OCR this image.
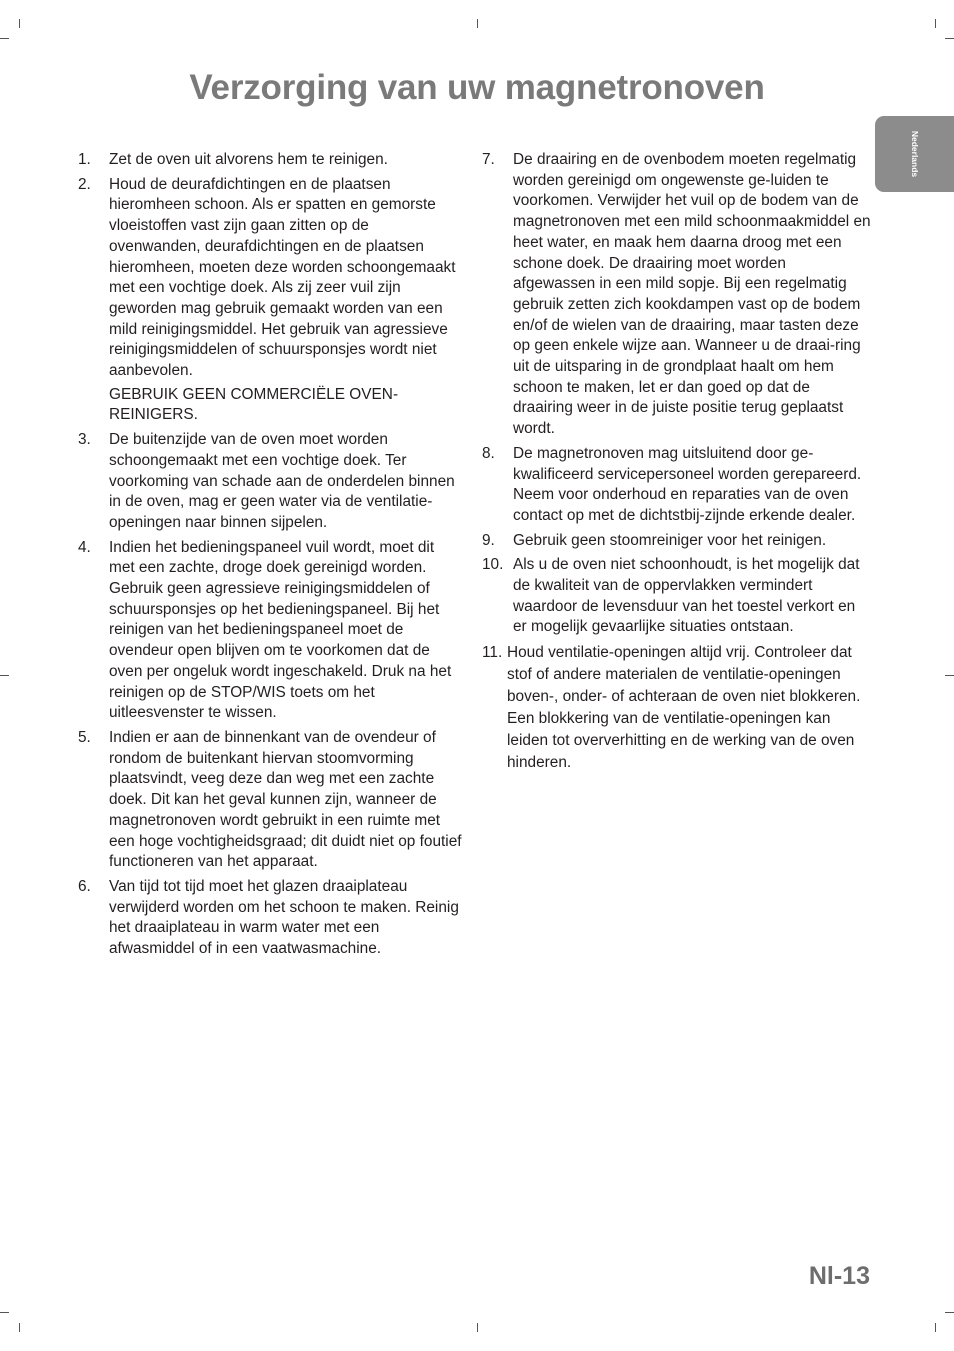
Verzorging van uw magnetronoven
Nederlands
1. Zet de oven uit alvorens hem te reinigen.
2. Houd de deurafdichtingen en de plaatsen hieromheen schoon. Als er spatten en gemorste vloeistoffen vast zijn gaan zitten op de ovenwanden, deurafdichtingen en de plaatsen hieromheen, moeten deze worden schoongemaakt met een vochtige doek. Als zij zeer vuil zijn geworden mag gebruik gemaakt worden van een mild reinigingsmiddel. Het gebruik van agressieve reinigingsmiddelen of schuursponsjes wordt niet aanbevolen.
GEBRUIK GEEN COMMERCIËLE OVENREINIGERS.
3. De buitenzijde van de oven moet worden schoongemaakt met een vochtige doek. Ter voorkoming van schade aan de onderdelen binnen in de oven, mag er geen water via de ventilatie-openingen naar binnen sijpelen.
4. Indien het bedieningspaneel vuil wordt, moet dit met een zachte, droge doek gereinigd worden. Gebruik geen agressieve reinigingsmiddelen of schuursponsjes op het bedieningspaneel. Bij het reinigen van het bedieningspaneel moet de ovendeur open blijven om te voorkomen dat de oven per ongeluk wordt ingeschakeld. Druk na het reinigen op de STOP/WIS toets om het uitleesvenster te wissen.
5. Indien er aan de binnenkant van de ovendeur of rondom de buitenkant hiervan stoomvorming plaatsvindt, veeg deze dan weg met een zachte doek. Dit kan het geval kunnen zijn, wanneer de magnetronoven wordt gebruikt in een ruimte met een hoge vochtigheidsgraad; dit duidt niet op foutief functioneren van het apparaat.
6. Van tijd tot tijd moet het glazen draaiplateau verwijderd worden om het schoon te maken. Reinig het draaiplateau in warm water met een afwasmiddel of in een vaatwasmachine.
7. De draairing en de ovenbodem moeten regelmatig worden gereinigd om ongewenste ge-luiden te voorkomen. Verwijder het vuil op de bodem van de magnetronoven met een mild schoonmaakmiddel en heet water, en maak hem daarna droog met een schone doek. De draairing moet worden afgewassen in een mild sopje. Bij een regelmatig gebruik zetten zich kookdampen vast op de bodem en/of de wielen van de draairing, maar tasten deze op geen enkele wijze aan. Wanneer u de draai-ring uit de uitsparing in de grondplaat haalt om hem schoon te maken, let er dan goed op dat de draairing weer in de juiste positie terug geplaatst wordt.
8. De magnetronoven mag uitsluitend door gekwalificeerd servicepersoneel worden gerepareerd. Neem voor onderhoud en reparaties van de oven contact op met de dichtstbij-zijnde erkende dealer.
9. Gebruik geen stoomreiniger voor het reinigen.
10. Als u de oven niet schoonhoudt, is het mogelijk dat de kwaliteit van de oppervlakken vermindert waardoor de levensduur van het toestel verkort en er mogelijk gevaarlijke situaties ontstaan.
11. Houd ventilatie-openingen altijd vrij. Controleer dat stof of andere materialen de ventilatie-openingen boven-, onder- of achteraan de oven niet blokkeren. Een blokkering van de ventilatie-openingen kan leiden tot oververhitting en de werking van de oven hinderen.
Nl-13
